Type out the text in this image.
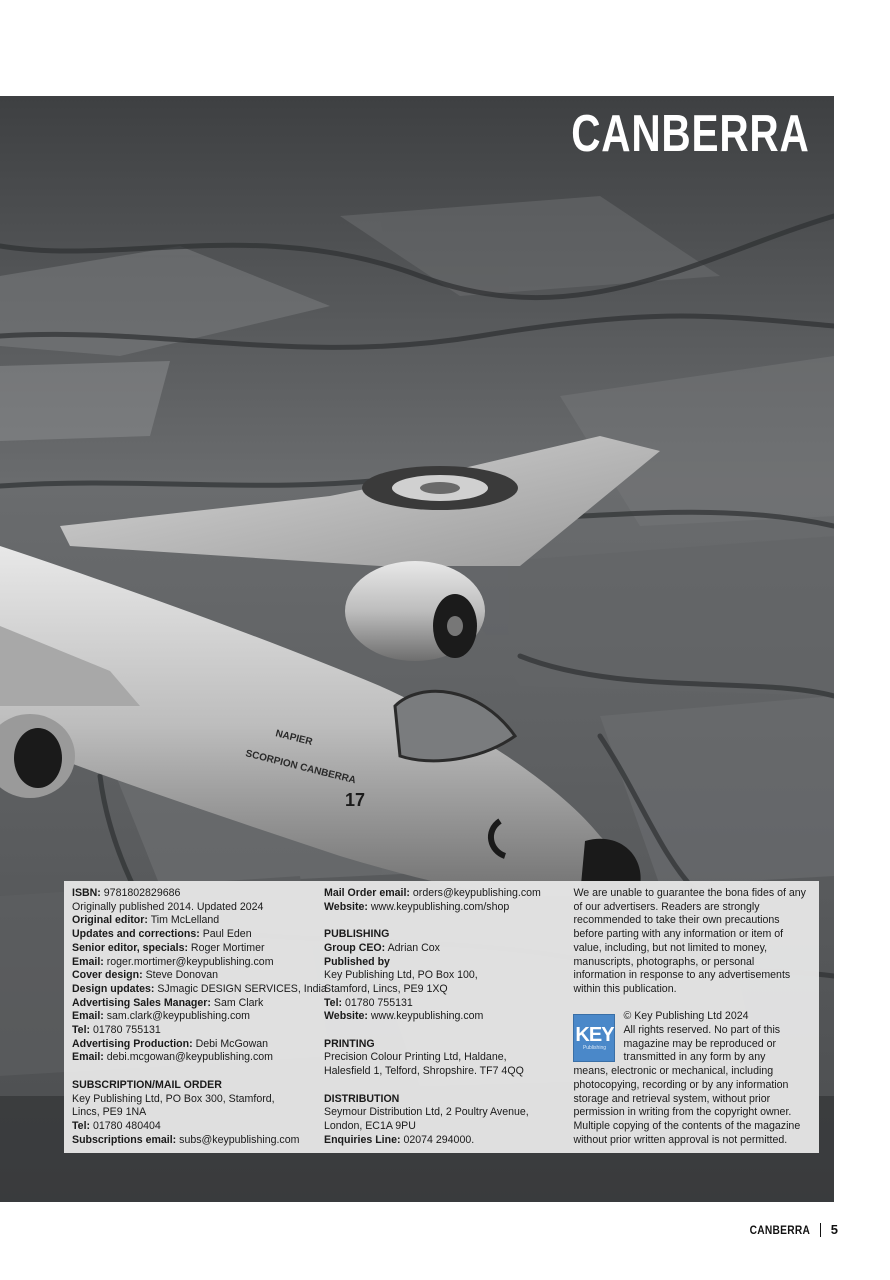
NAPIER
SCORPION CANBERRA
17
CANBERRA
ISBN: 9781802829686
Originally published 2014. Updated 2024
Original editor: Tim McLelland
Updates and corrections: Paul Eden
Senior editor, specials: Roger Mortimer
Email: roger.mortimer@keypublishing.com
Cover design: Steve Donovan
Design updates: SJmagic DESIGN SERVICES, India
Advertising Sales Manager: Sam Clark
Email: sam.clark@keypublishing.com
Tel: 01780 755131
Advertising Production: Debi McGowan
Email: debi.mcgowan@keypublishing.com
SUBSCRIPTION/MAIL ORDER
Key Publishing Ltd, PO Box 300, Stamford,
Lincs, PE9 1NA
Tel: 01780 480404
Subscriptions email: subs@keypublishing.com
Mail Order email: orders@keypublishing.com
Website: www.keypublishing.com/shop
PUBLISHING
Group CEO: Adrian Cox
Published by
Key Publishing Ltd, PO Box 100,
Stamford, Lincs, PE9 1XQ
Tel: 01780 755131
Website: www.keypublishing.com
PRINTING
Precision Colour Printing Ltd, Haldane,
Halesfield 1, Telford, Shropshire. TF7 4QQ
DISTRIBUTION
Seymour Distribution Ltd, 2 Poultry Avenue,
London, EC1A 9PU
Enquiries Line: 02074 294000.
We are unable to guarantee the bona fides of any
of our advertisers. Readers are strongly
recommended to take their own precautions
before parting with any information or item of
value, including, but not limited to money,
manuscripts, photographs, or personal
information in response to any advertisements
within this publication.
KEY
Publishing
© Key Publishing Ltd 2024
All rights reserved. No part of this
magazine may be reproduced or
transmitted in any form by any
means, electronic or mechanical, including
photocopying, recording or by any information
storage and retrieval system, without prior
permission in writing from the copyright owner.
Multiple copying of the contents of the magazine
without prior written approval is not permitted.
CANBERRA 5
